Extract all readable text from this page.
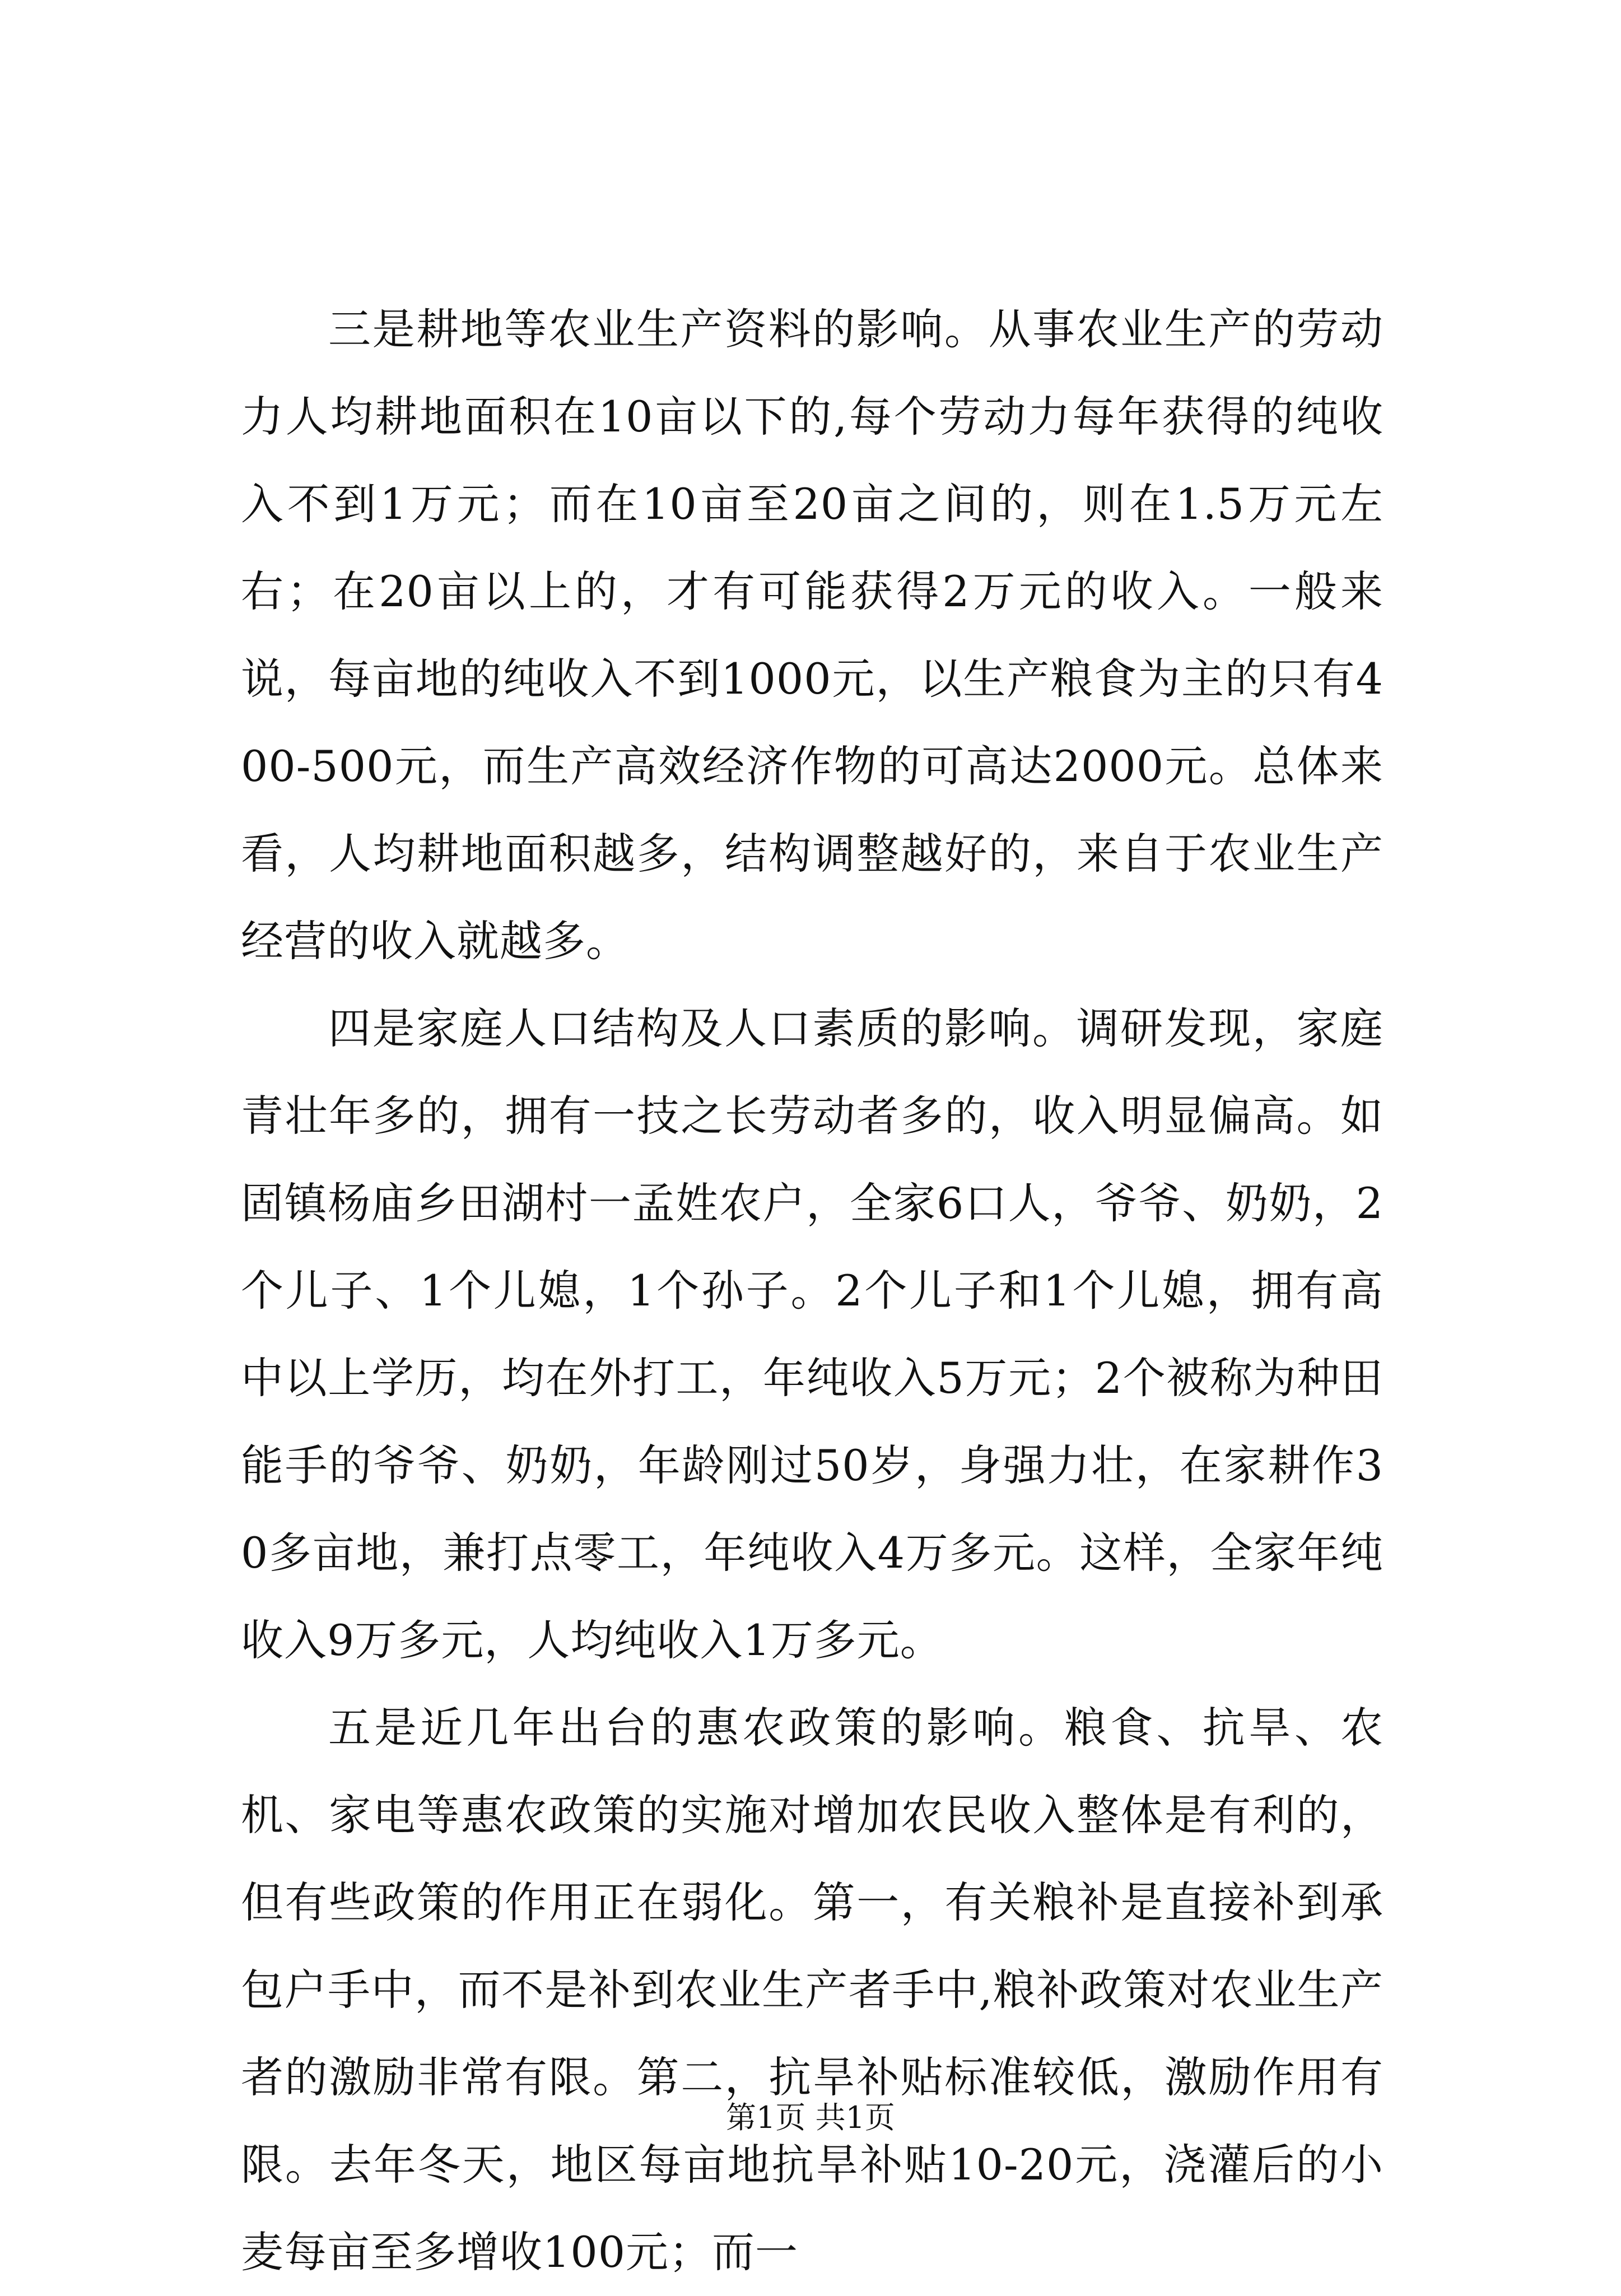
三是耕地等农业生产资料的影响。从事农业生产的劳动力人均耕地面积在10亩以下的,每个劳动力每年获得的纯收入不到1万元；而在10亩至20亩之间的，则在1.5万元左右；在20亩以上的，才有可能获得2万元的收入。一般来说，每亩地的纯收入不到1000元，以生产粮食为主的只有400-500元，而生产高效经济作物的可高达2000元。总体来看，人均耕地面积越多，结构调整越好的，来自于农业生产经营的收入就越多。

四是家庭人口结构及人口素质的影响。调研发现，家庭青壮年多的，拥有一技之长劳动者多的，收入明显偏高。如固镇杨庙乡田湖村一孟姓农户，全家6口人，爷爷、奶奶，2个儿子、1个儿媳，1个孙子。2个儿子和1个儿媳，拥有高中以上学历，均在外打工，年纯收入5万元；2个被称为种田能手的爷爷、奶奶，年龄刚过50岁，身强力壮，在家耕作30多亩地，兼打点零工，年纯收入4万多元。这样，全家年纯收入9万多元，人均纯收入1万多元。

五是近几年出台的惠农政策的影响。粮食、抗旱、农机、家电等惠农政策的实施对增加农民收入整体是有利的，但有些政策的作用正在弱化。第一，有关粮补是直接补到承包户手中，而不是补到农业生产者手中,粮补政策对农业生产者的激励非常有限。第二，抗旱补贴标准较低，激励作用有限。去年冬天，地区每亩地抗旱补贴10-20元，浇灌后的小麦每亩至多增收100元；而一

第1页 共1页
